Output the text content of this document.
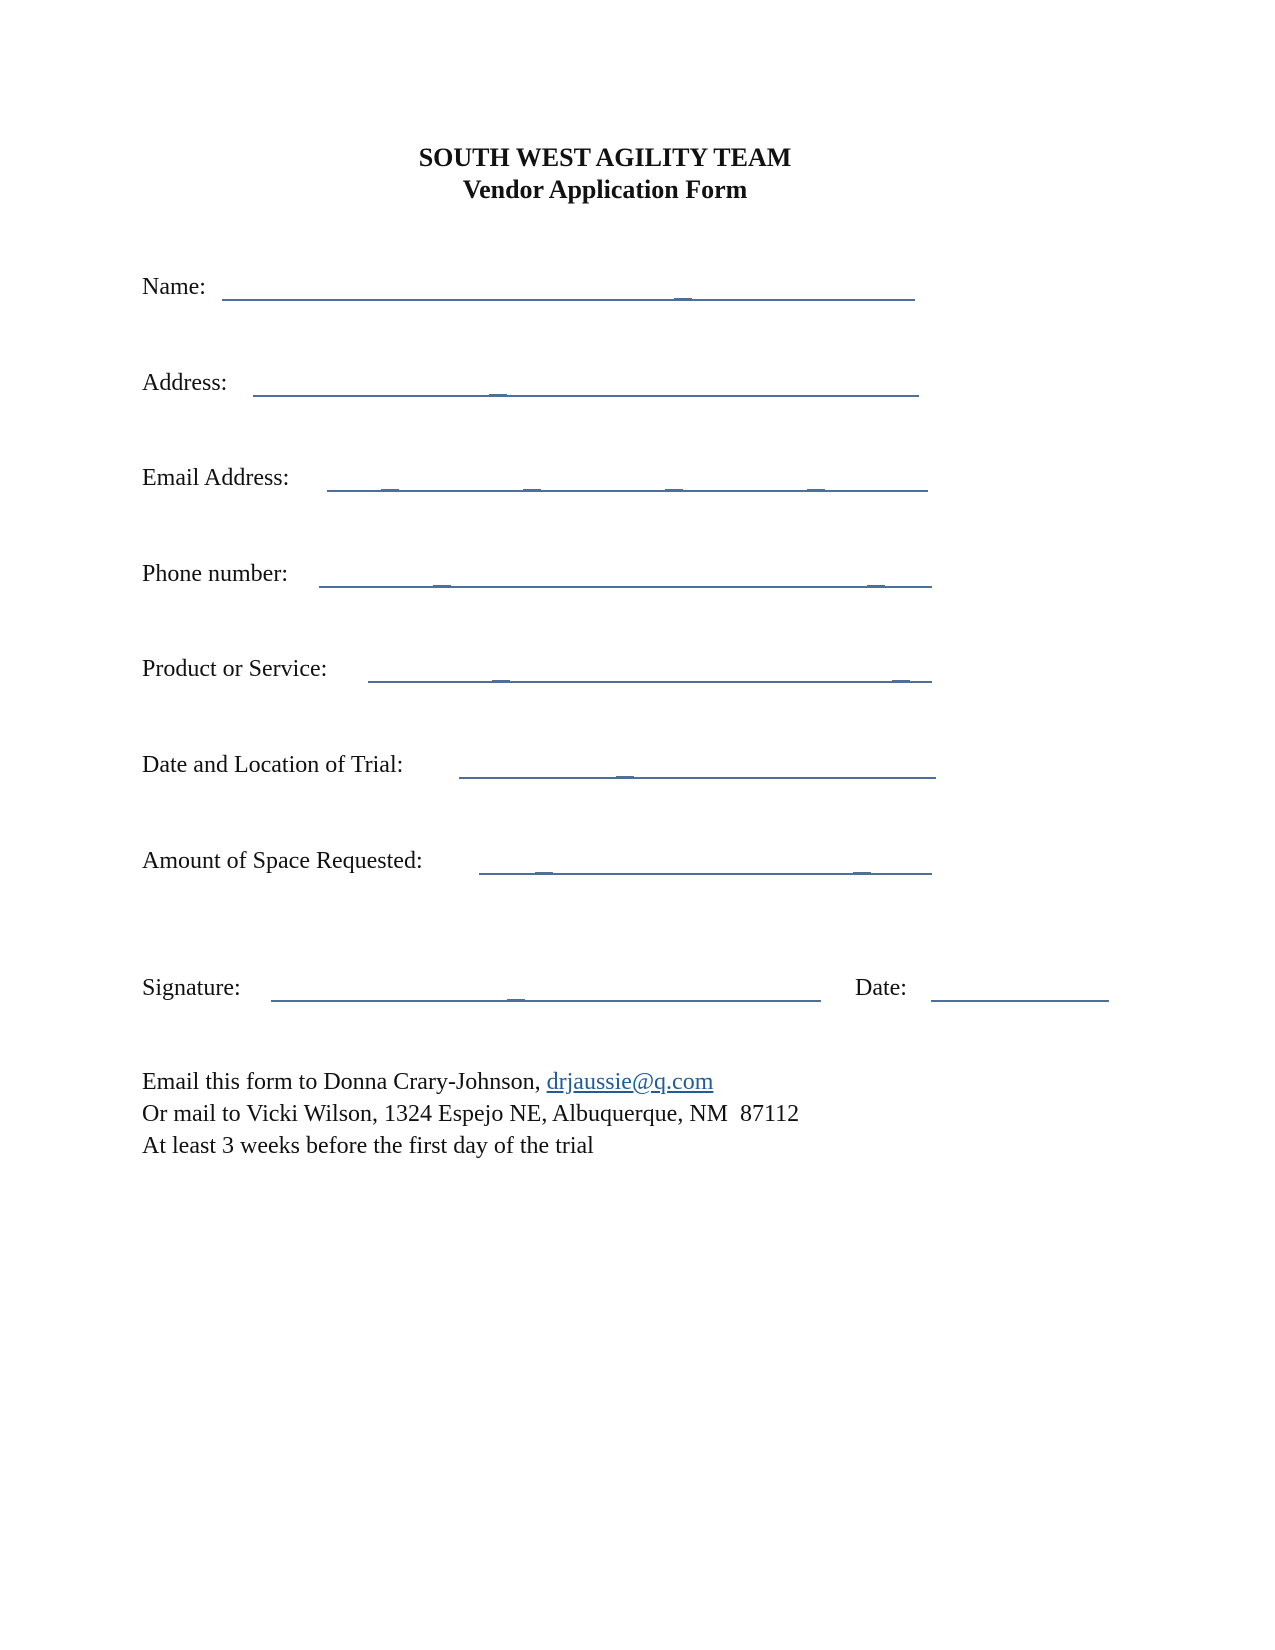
SOUTH WEST AGILITY TEAM
Vendor Application Form
Name:
Address:
Email Address:
Phone number:
Product or Service:
Date and Location of Trial:
Amount of Space Requested:
Signature:	Date:
Email this form to Donna Crary-Johnson, drjaussie@q.com
Or mail to Vicki Wilson, 1324 Espejo NE, Albuquerque, NM  87112
At least 3 weeks before the first day of the trial
